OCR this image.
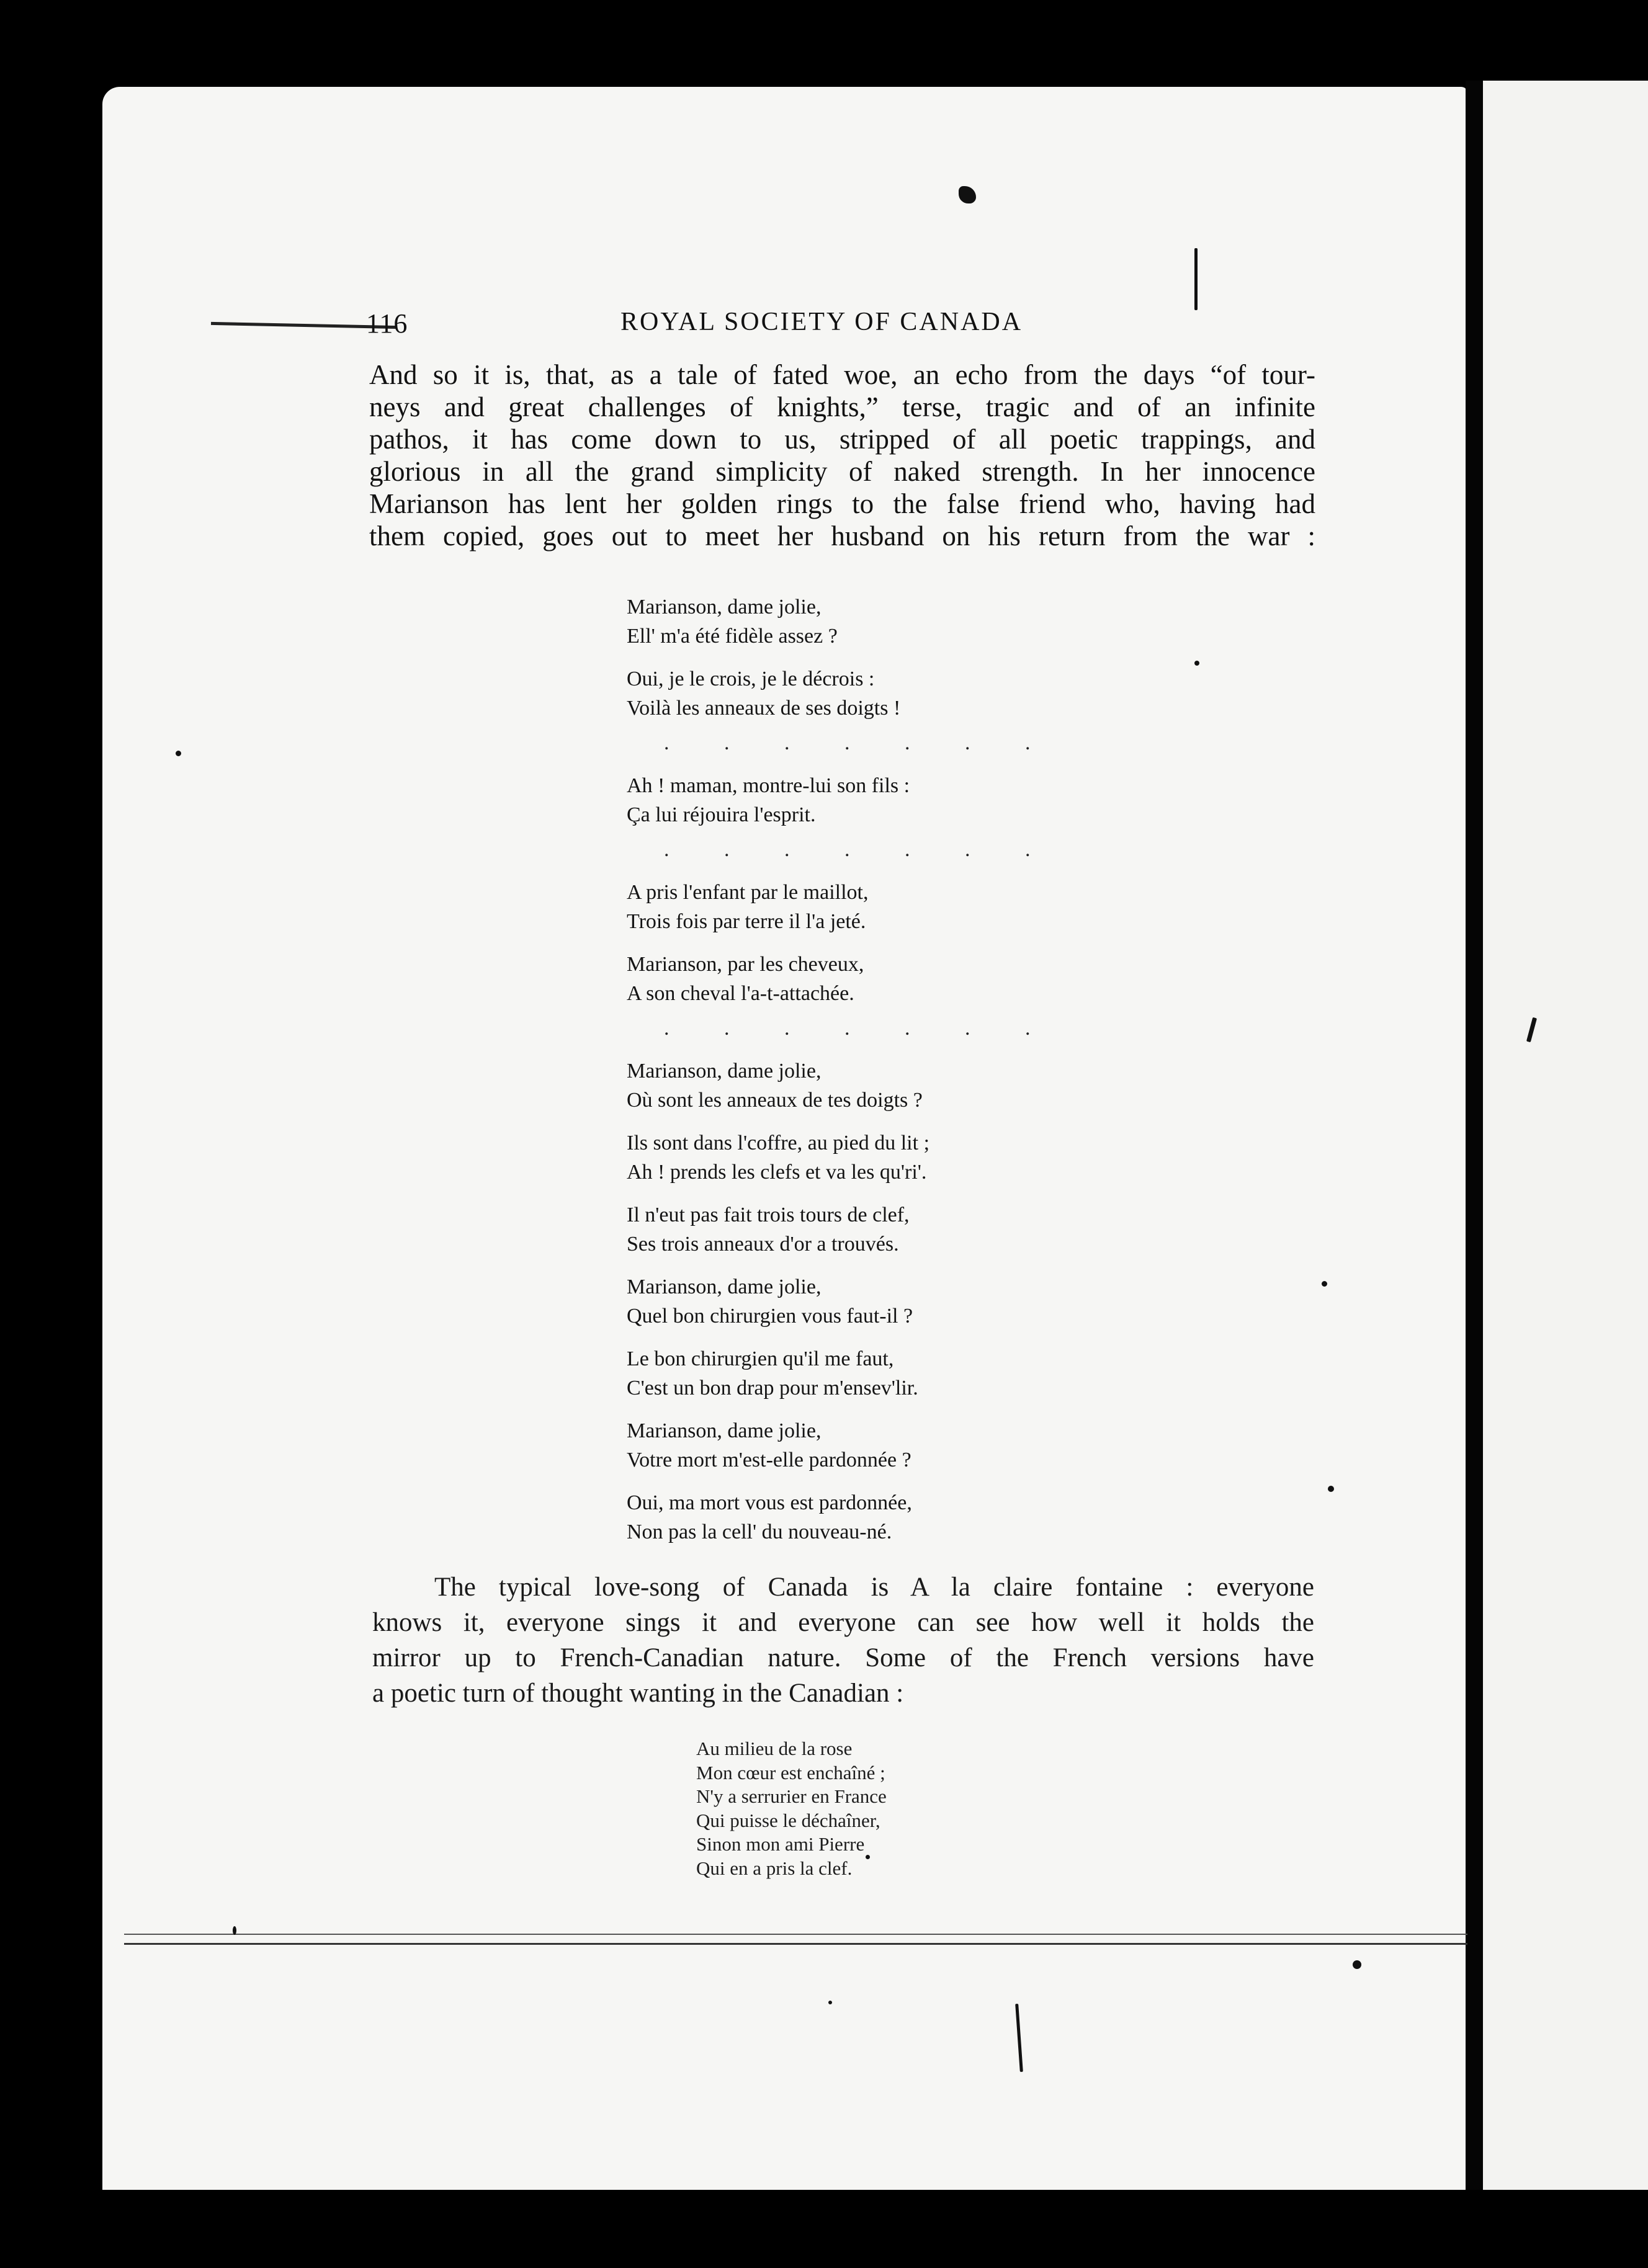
116	ROYAL SOCIETY OF CANADA
And so it is, that, as a tale of fated woe, an echo from the days “of tour-
neys and great challenges of knights,” terse, tragic and of an infinite
pathos, it has come down to us, stripped of all poetic trappings, and
glorious in all the grand simplicity of naked strength. In her innocence
Marianson has lent her golden rings to the false friend who, having had
them copied, goes out to meet her husband on his return from the war :
Marianson, dame jolie,
Ell' m'a été fidèle assez ?
Oui, je le crois, je le décrois :
Voilà les anneaux de ses doigts !
. . . . . . .
Ah ! maman, montre-lui son fils :
Ça lui réjouira l'esprit.
. . . . . . .
A pris l'enfant par le maillot,
Trois fois par terre il l'a jeté.
Marianson, par les cheveux,
A son cheval l'a-t-attachée.
. . . . . . .
Marianson, dame jolie,
Où sont les anneaux de tes doigts ?
Ils sont dans l'coffre, au pied du lit ;
Ah ! prends les clefs et va les qu'ri'.
Il n'eut pas fait trois tours de clef,
Ses trois anneaux d'or a trouvés.
Marianson, dame jolie,
Quel bon chirurgien vous faut-il ?
Le bon chirurgien qu'il me faut,
C'est un bon drap pour m'ensev'lir.
Marianson, dame jolie,
Votre mort m'est-elle pardonnée ?
Oui, ma mort vous est pardonnée,
Non pas la cell' du nouveau-né.
The typical love-song of Canada is A la claire fontaine : everyone
knows it, everyone sings it and everyone can see how well it holds the
mirror up to French-Canadian nature. Some of the French versions have
a poetic turn of thought wanting in the Canadian :
Au milieu de la rose
Mon cœur est enchaîné ;
N'y a serrurier en France
Qui puisse le déchaîner,
Sinon mon ami Pierre
Qui en a pris la clef.
